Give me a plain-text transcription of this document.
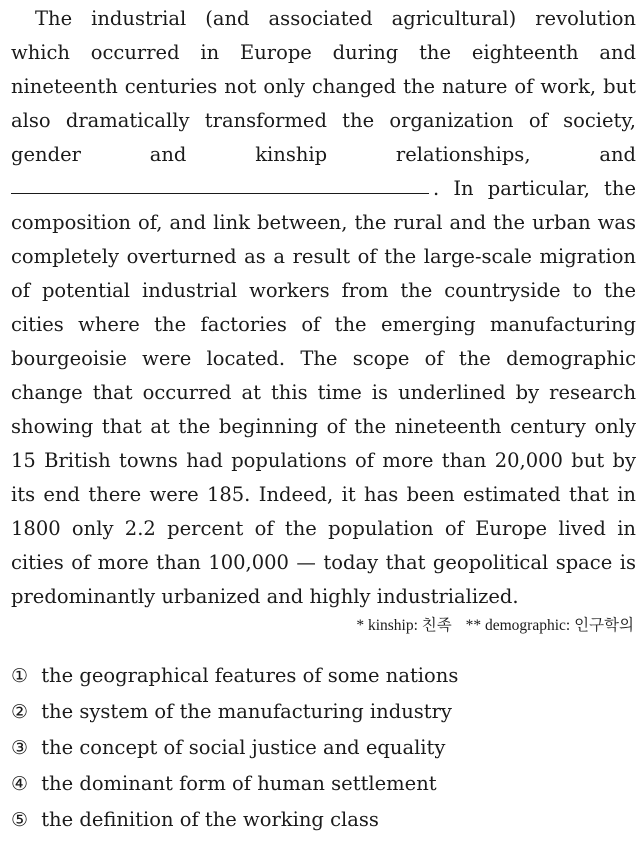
The industrial (and associated agricultural) revolution which occurred in Europe during the eighteenth and nineteenth centuries not only changed the nature of work, but also dramatically transformed the organization of society, gender and kinship relationships, and . In particular, the composition of, and link between, the rural and the urban was completely overturned as a result of the large-scale migration of potential industrial workers from the countryside to the cities where the factories of the emerging manufacturing bourgeoisie were located. The scope of the demographic change that occurred at this time is underlined by research showing that at the beginning of the nineteenth century only 15 British towns had populations of more than 20,000 but by its end there were 185. Indeed, it has been estimated that in 1800 only 2.2 percent of the population of Europe lived in cities of more than 100,000 — today that geopolitical space is predominantly urbanized and highly industrialized.

* kinship: 친족 ** demographic: 인구학의
① the geographical features of some nations
② the system of the manufacturing industry
③ the concept of social justice and equality
④ the dominant form of human settlement
⑤ the definition of the working class
